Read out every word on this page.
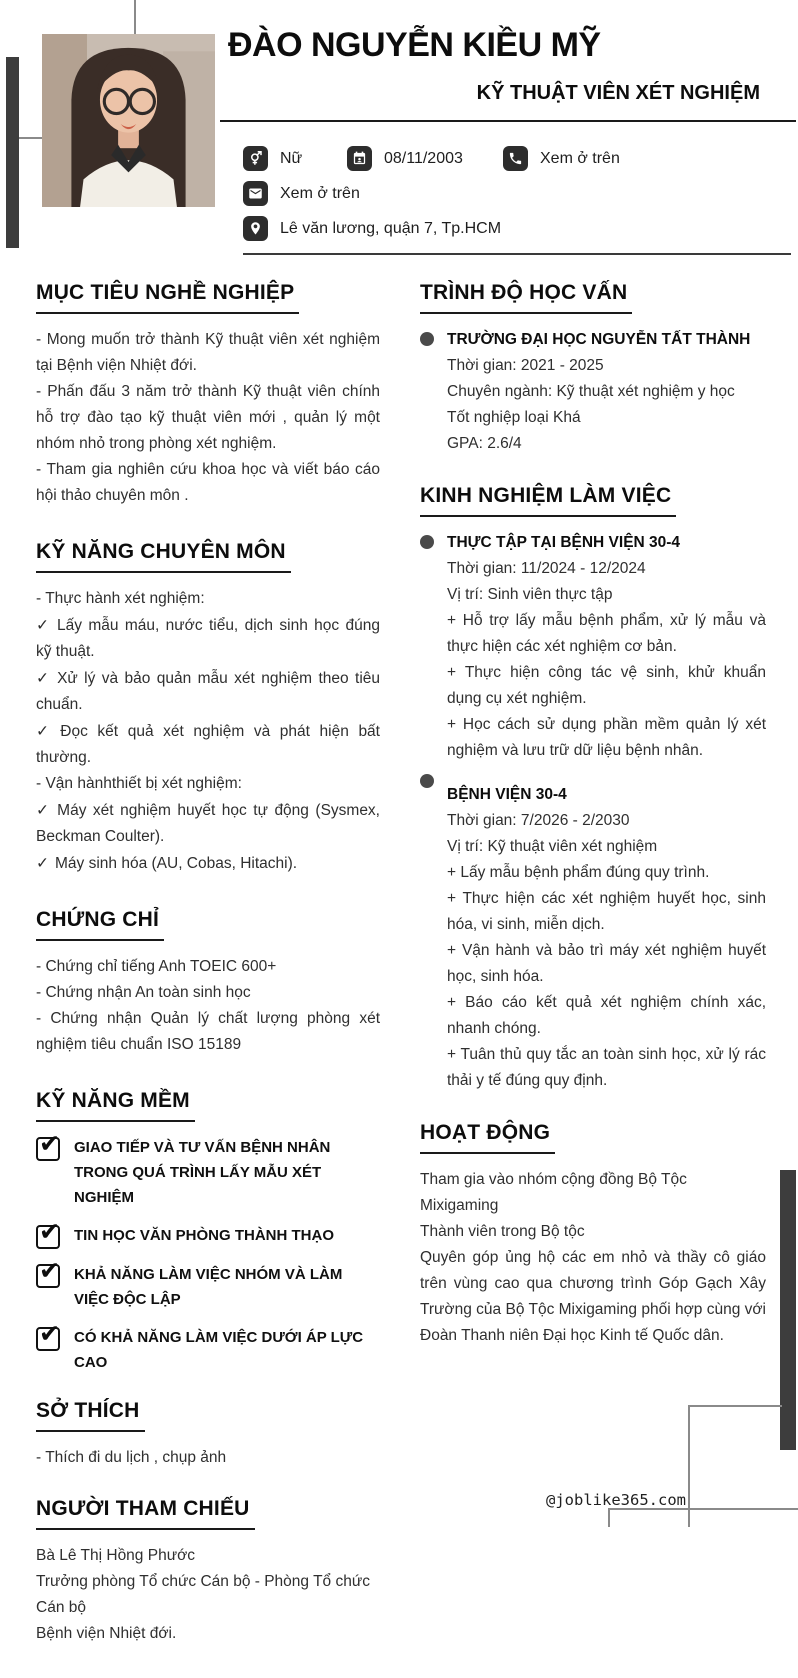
ĐÀO NGUYỄN KIỀU MỸ
KỸ THUẬT VIÊN XÉT NGHIỆM
Nữ	08/11/2003	Xem ở trên
Xem ở trên
Lê văn lương, quận 7, Tp.HCM
MỤC TIÊU NGHỀ NGHIỆP

- Mong muốn trở thành Kỹ thuật viên xét nghiệm tại Bệnh viện Nhiệt đới.

- Phấn đấu 3 năm trở thành Kỹ thuật viên chính hỗ trợ đào tạo kỹ thuật viên mới , quản lý một nhóm nhỏ trong phòng xét nghiệm.

- Tham gia nghiên cứu khoa học và viết báo cáo hội thảo chuyên môn .

KỸ NĂNG CHUYÊN MÔN

- Thực hành xét nghiệm:

✓ Lấy mẫu máu, nước tiểu, dịch sinh học đúng kỹ thuật.

✓ Xử lý và bảo quản mẫu xét nghiệm theo tiêu chuẩn.

✓ Đọc kết quả xét nghiệm và phát hiện bất thường.

- Vận hànhthiết bị xét nghiệm:

✓ Máy xét nghiệm huyết học tự động (Sysmex, Beckman Coulter).

✓ Máy sinh hóa (AU, Cobas, Hitachi).

CHỨNG CHỈ

- Chứng chỉ tiếng Anh TOEIC 600+

- Chứng nhận An toàn sinh học

- Chứng nhận Quản lý chất lượng phòng xét nghiệm tiêu chuẩn ISO 15189

KỸ NĂNG MỀM
✔
GIAO TIẾP VÀ TƯ VẤN BỆNH NHÂN TRONG QUÁ TRÌNH LẤY MẪU XÉT NGHIỆM
✔
TIN HỌC VĂN PHÒNG THÀNH THẠO
✔
KHẢ NĂNG LÀM VIỆC NHÓM VÀ LÀM VIỆC ĐỘC LẬP
✔
CÓ KHẢ NĂNG LÀM VIỆC DƯỚI ÁP LỰC CAO
SỞ THÍCH

- Thích đi du lịch , chụp ảnh

NGƯỜI THAM CHIẾU

Bà Lê Thị Hồng Phước

Trưởng phòng Tổ chức Cán bộ - Phòng Tổ chức Cán bộ

Bệnh viện Nhiệt đới.

TRÌNH ĐỘ HỌC VẤN

TRƯỜNG ĐẠI HỌC NGUYỄN TẤT THÀNH

Thời gian: 2021 - 2025

Chuyên ngành: Kỹ thuật xét nghiệm y học

Tốt nghiệp loại Khá

GPA: 2.6/4

KINH NGHIỆM LÀM VIỆC

THỰC TẬP TẠI BỆNH VIỆN 30-4

Thời gian: 11/2024 - 12/2024

Vị trí: Sinh viên thực tập

+ Hỗ trợ lấy mẫu bệnh phẩm, xử lý mẫu và thực hiện các xét nghiệm cơ bản.

+ Thực hiện công tác vệ sinh, khử khuẩn dụng cụ xét nghiệm.

+ Học cách sử dụng phần mềm quản lý xét nghiệm và lưu trữ dữ liệu bệnh nhân.

BỆNH VIỆN 30-4

Thời gian: 7/2026 - 2/2030

Vị trí: Kỹ thuật viên xét nghiệm

+ Lấy mẫu bệnh phẩm đúng quy trình.

+ Thực hiện các xét nghiệm huyết học, sinh hóa, vi sinh, miễn dịch.

+ Vận hành và bảo trì máy xét nghiệm huyết học, sinh hóa.

+ Báo cáo kết quả xét nghiệm chính xác, nhanh chóng.

+ Tuân thủ quy tắc an toàn sinh học, xử lý rác thải y tế đúng quy định.

HOẠT ĐỘNG

Tham gia vào nhóm cộng đồng Bộ Tộc Mixigaming

Thành viên trong Bộ tộc

Quyên góp ủng hộ các em nhỏ và thầy cô giáo trên vùng cao qua chương trình Góp Gạch Xây Trường của Bộ Tộc Mixigaming phối hợp cùng với Đoàn Thanh niên Đại học Kinh tế Quốc dân.

@joblike365.com
